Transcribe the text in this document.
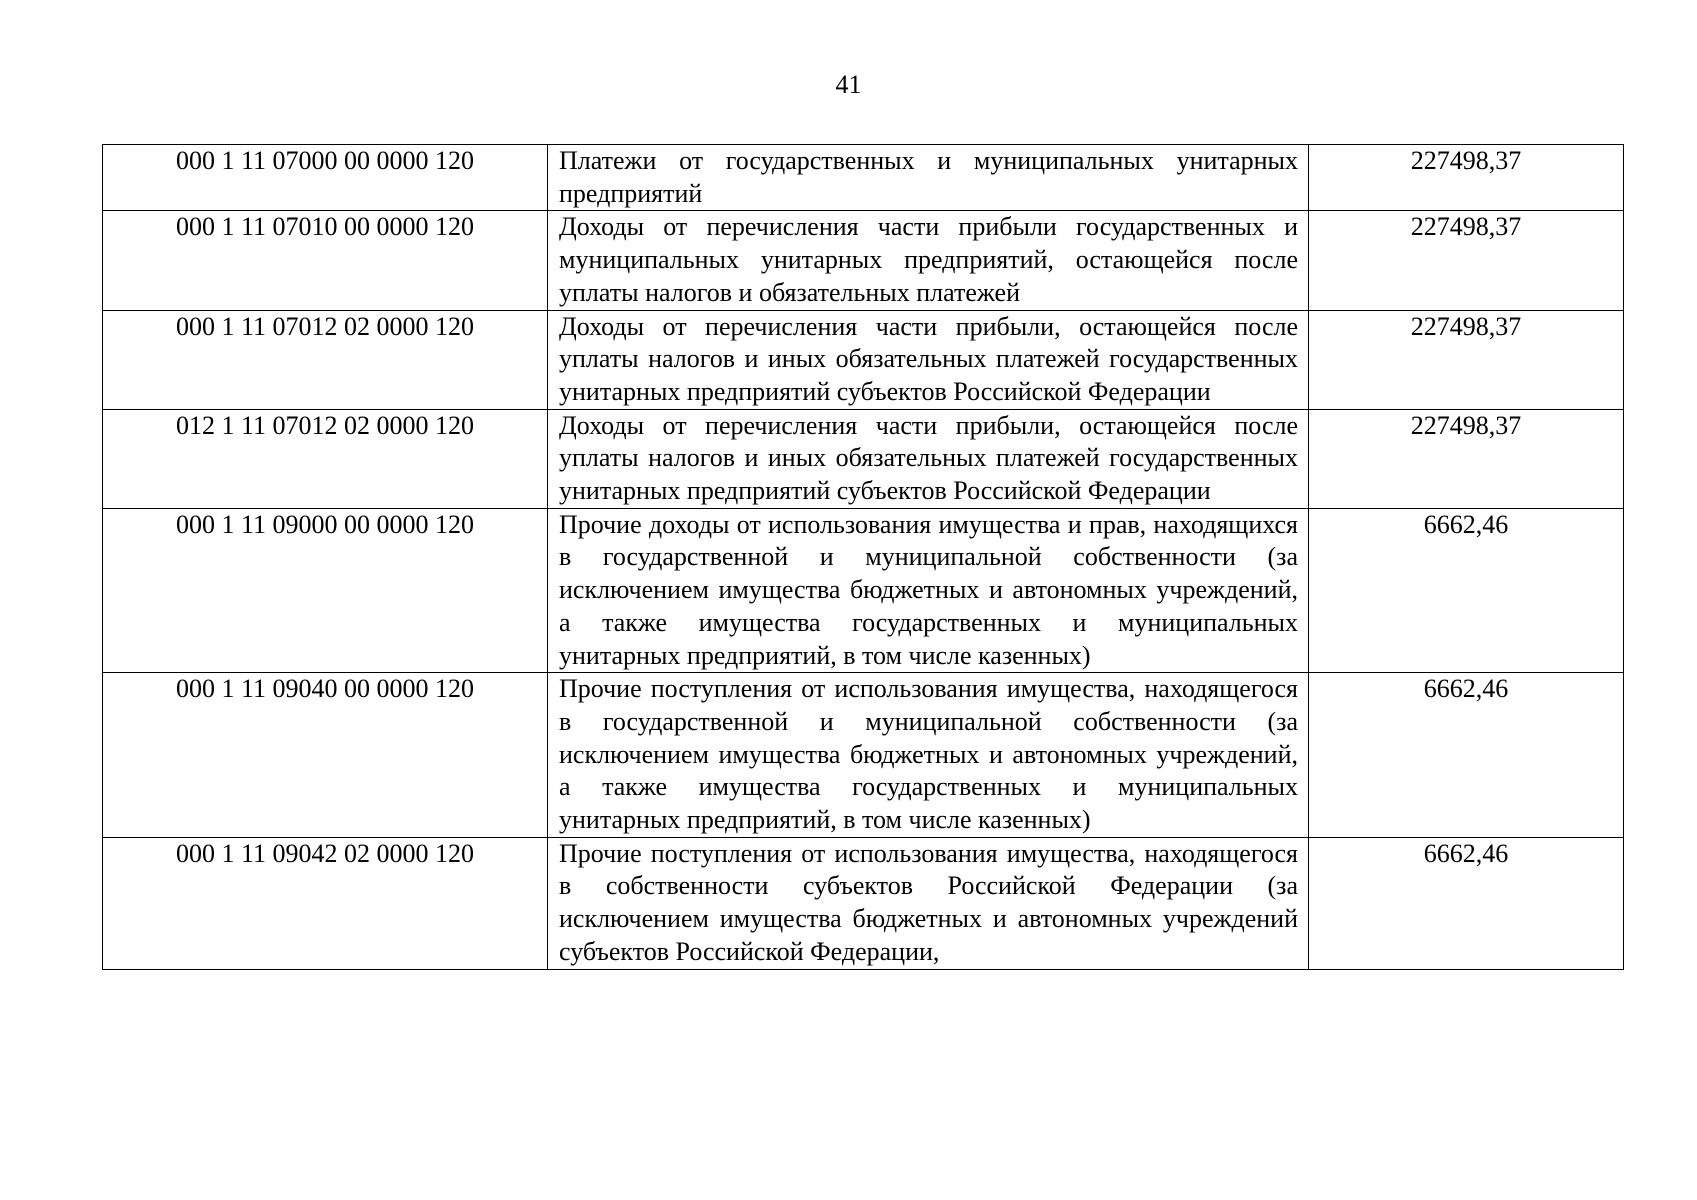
41
000 1 11 07000 00 0000 120	Платежи от государственных и муниципальных унитарных предприятий	227498,37

000 1 11 07010 00 0000 120	Доходы от перечисления части прибыли государственных и муниципальных унитарных предприятий, остающейся после уплаты налогов и обязательных платежей	227498,37

000 1 11 07012 02 0000 120	Доходы от перечисления части прибыли, остающейся после уплаты налогов и иных обязательных платежей государственных унитарных предприятий субъектов Российской Федерации	227498,37

012 1 11 07012 02 0000 120	Доходы от перечисления части прибыли, остающейся после уплаты налогов и иных обязательных платежей государственных унитарных предприятий субъектов Российской Федерации	227498,37

000 1 11 09000 00 0000 120	Прочие доходы от использования имущества и прав, находящихся в государственной и муниципальной собственности (за исключением имущества бюджетных и автономных учреждений, а также имущества государственных и муниципальных унитарных предприятий, в том числе казенных)	6662,46

000 1 11 09040 00 0000 120	Прочие поступления от использования имущества, находящегося в государственной и муниципальной собственности (за исключением имущества бюджетных и автономных учреждений, а также имущества государственных и муниципальных унитарных предприятий, в том числе казенных)	6662,46

000 1 11 09042 02 0000 120	Прочие поступления от использования имущества, находящегося в собственности субъектов Российской Федерации (за исключением имущества бюджетных и автономных учреждений субъектов Российской Федерации,	6662,46
